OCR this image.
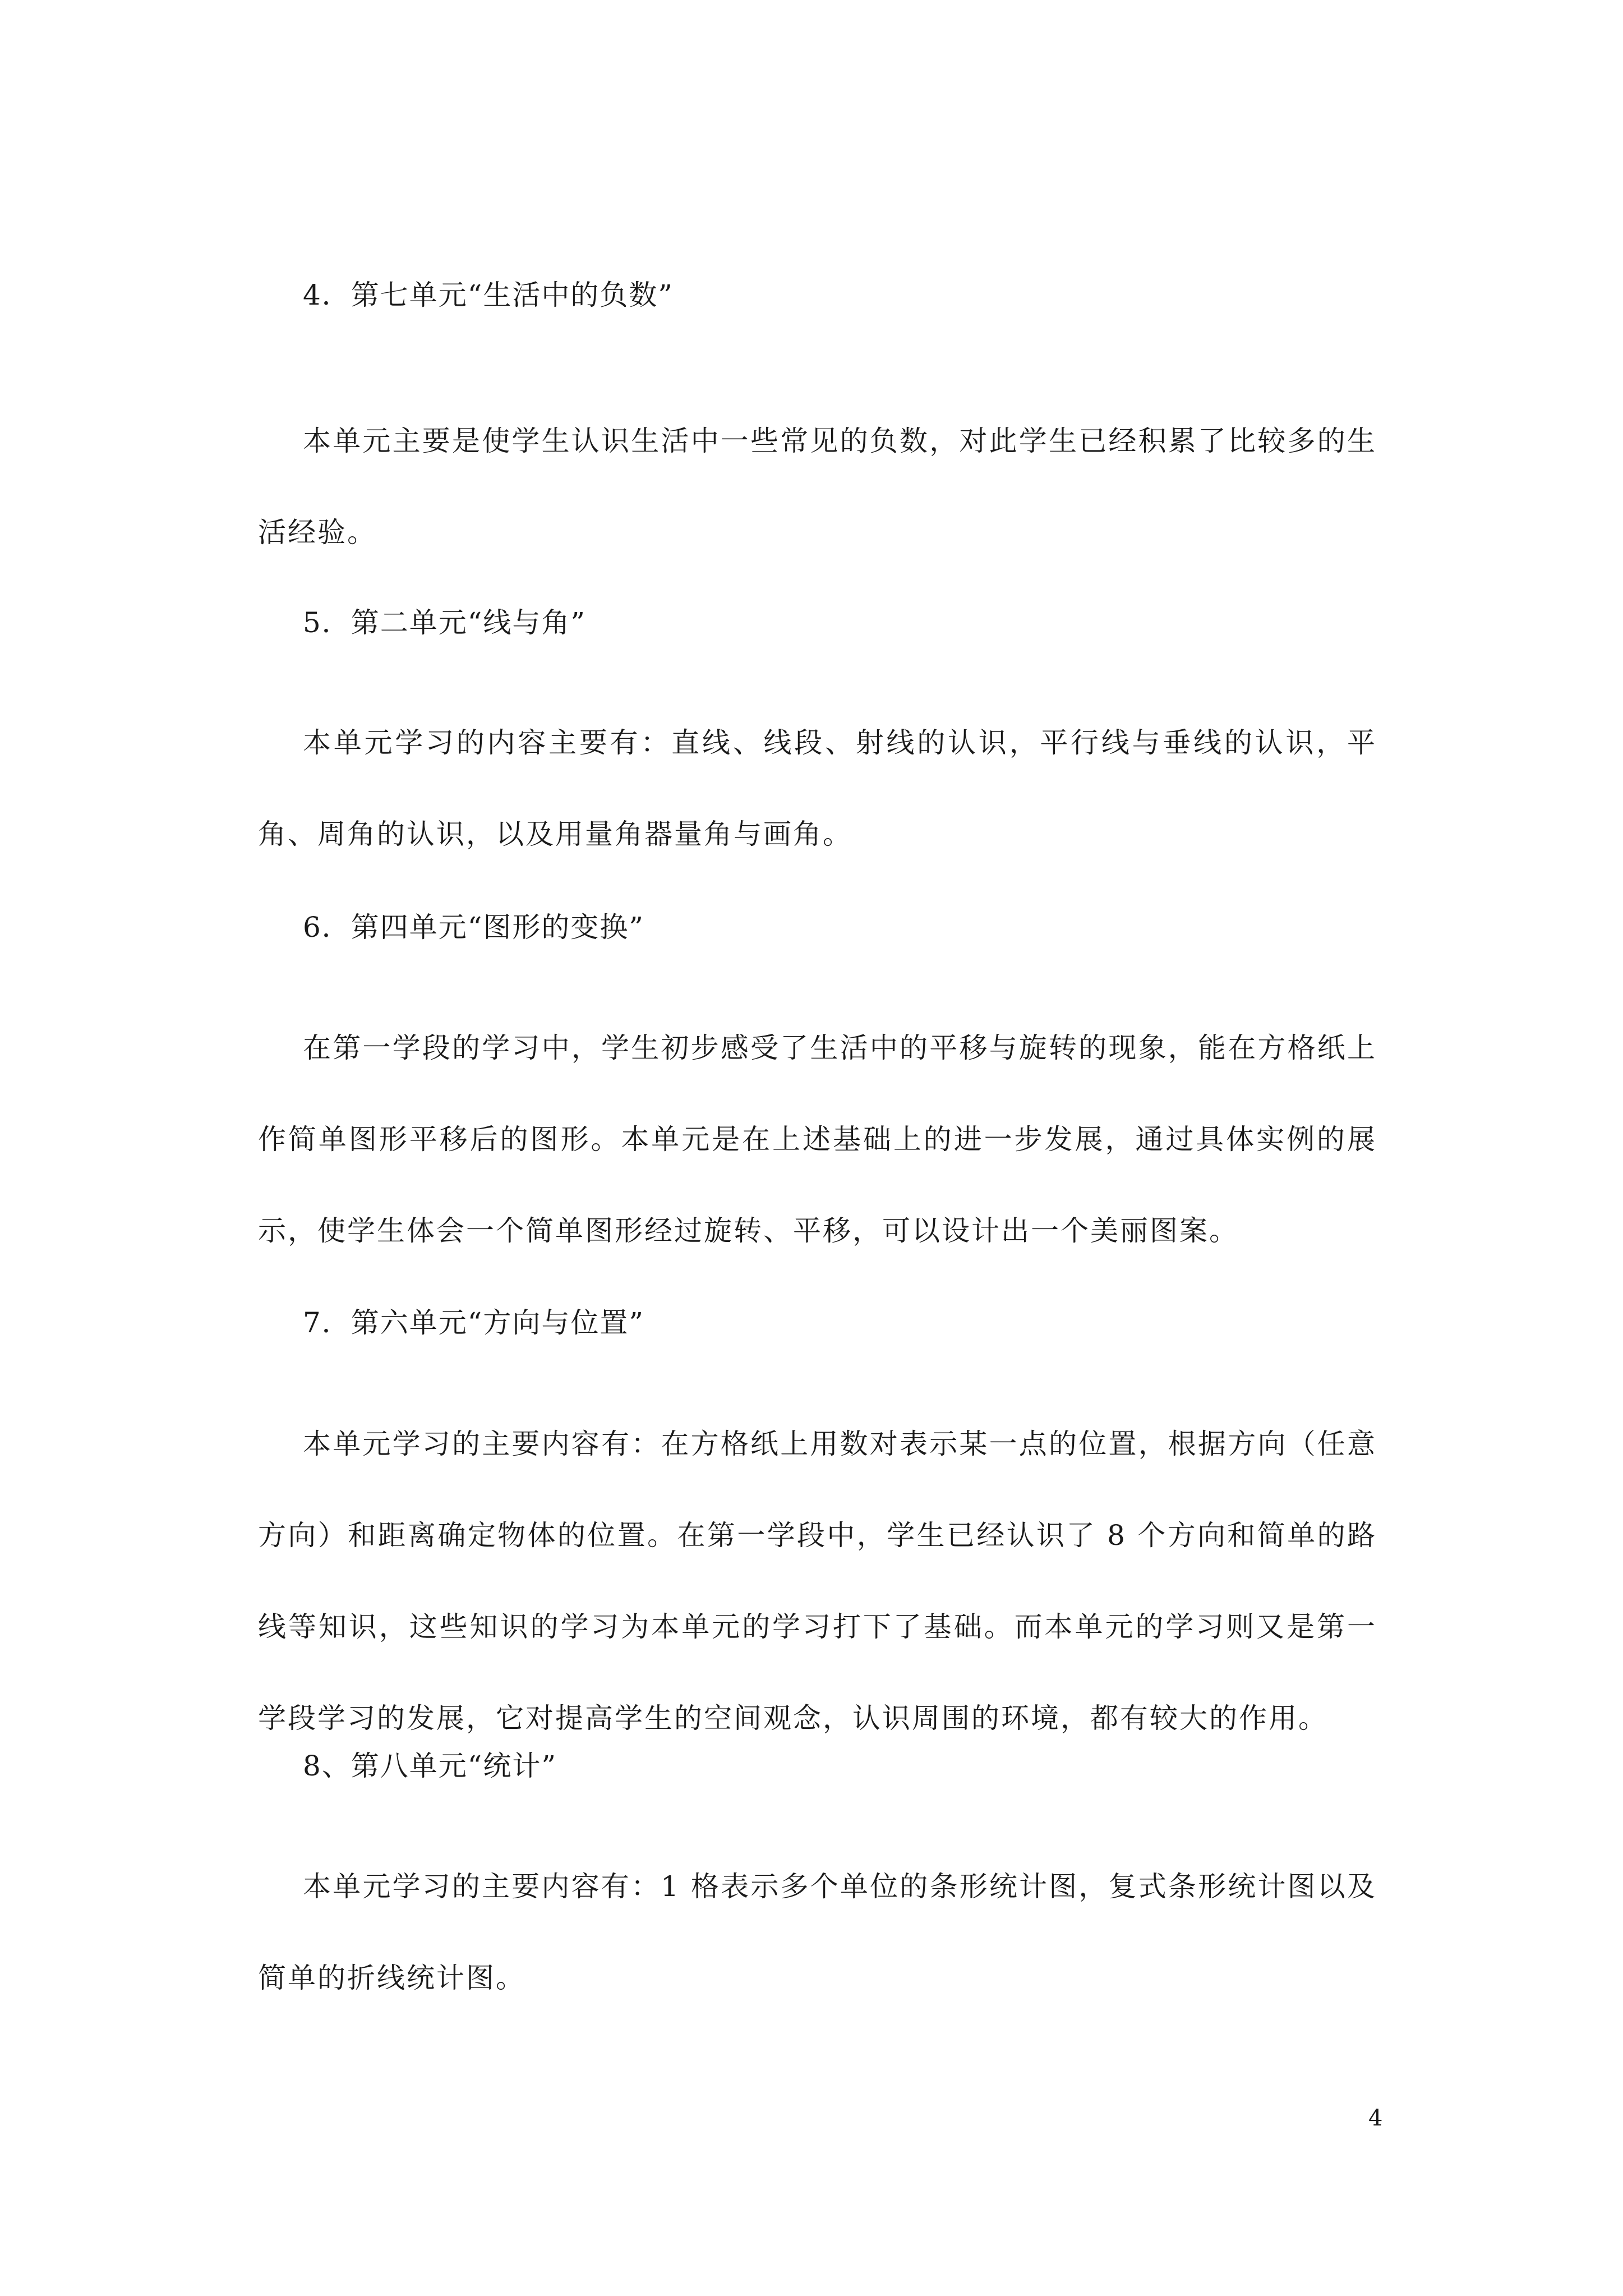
4．第七单元“生活中的负数”
本单元主要是使学生认识生活中一些常见的负数，对此学生已经积累了比较多的生活经验。
5．第二单元“线与角”
本单元学习的内容主要有：直线、线段、射线的认识，平行线与垂线的认识，平角、周角的认识，以及用量角器量角与画角。
6．第四单元“图形的变换”
在第一学段的学习中，学生初步感受了生活中的平移与旋转的现象，能在方格纸上作简单图形平移后的图形。本单元是在上述基础上的进一步发展，通过具体实例的展示，使学生体会一个简单图形经过旋转、平移，可以设计出一个美丽图案。
7．第六单元“方向与位置”
本单元学习的主要内容有：在方格纸上用数对表示某一点的位置，根据方向（任意方向）和距离确定物体的位置。在第一学段中，学生已经认识了 8 个方向和简单的路线等知识，这些知识的学习为本单元的学习打下了基础。而本单元的学习则又是第一学段学习的发展，它对提高学生的空间观念，认识周围的环境，都有较大的作用。
8、第八单元“统计”
本单元学习的主要内容有：1 格表示多个单位的条形统计图，复式条形统计图以及简单的折线统计图。
4
